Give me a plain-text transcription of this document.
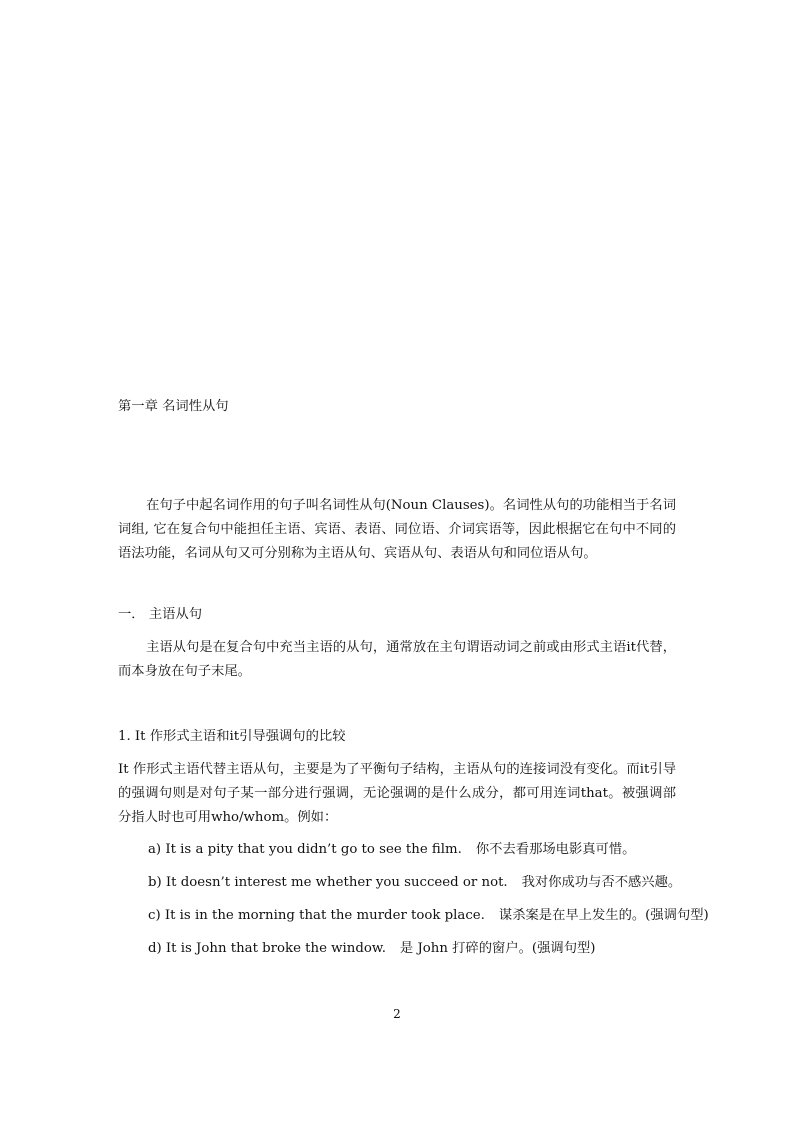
第一章 名词性从句
在句子中起名词作用的句子叫名词性从句(Noun Clauses)。名词性从句的功能相当于名词词组, 它在复合句中能担任主语、宾语、表语、同位语、介词宾语等，因此根据它在句中不同的语法功能，名词从句又可分别称为主语从句、宾语从句、表语从句和同位语从句。
一． 主语从句
主语从句是在复合句中充当主语的从句，通常放在主句谓语动词之前或由形式主语it代替，而本身放在句子末尾。
1. It 作形式主语和it引导强调句的比较
It 作形式主语代替主语从句，主要是为了平衡句子结构，主语从句的连接词没有变化。而it引导的强调句则是对句子某一部分进行强调，无论强调的是什么成分，都可用连词that。被强调部分指人时也可用who/whom。例如：
a) It is a pity that you didn’t go to see the film. 你不去看那场电影真可惜。
b) It doesn’t interest me whether you succeed or not. 我对你成功与否不感兴趣。
c) It is in the morning that the murder took place. 谋杀案是在早上发生的。(强调句型)
d) It is John that broke the window. 是 John 打碎的窗户。(强调句型)
2
